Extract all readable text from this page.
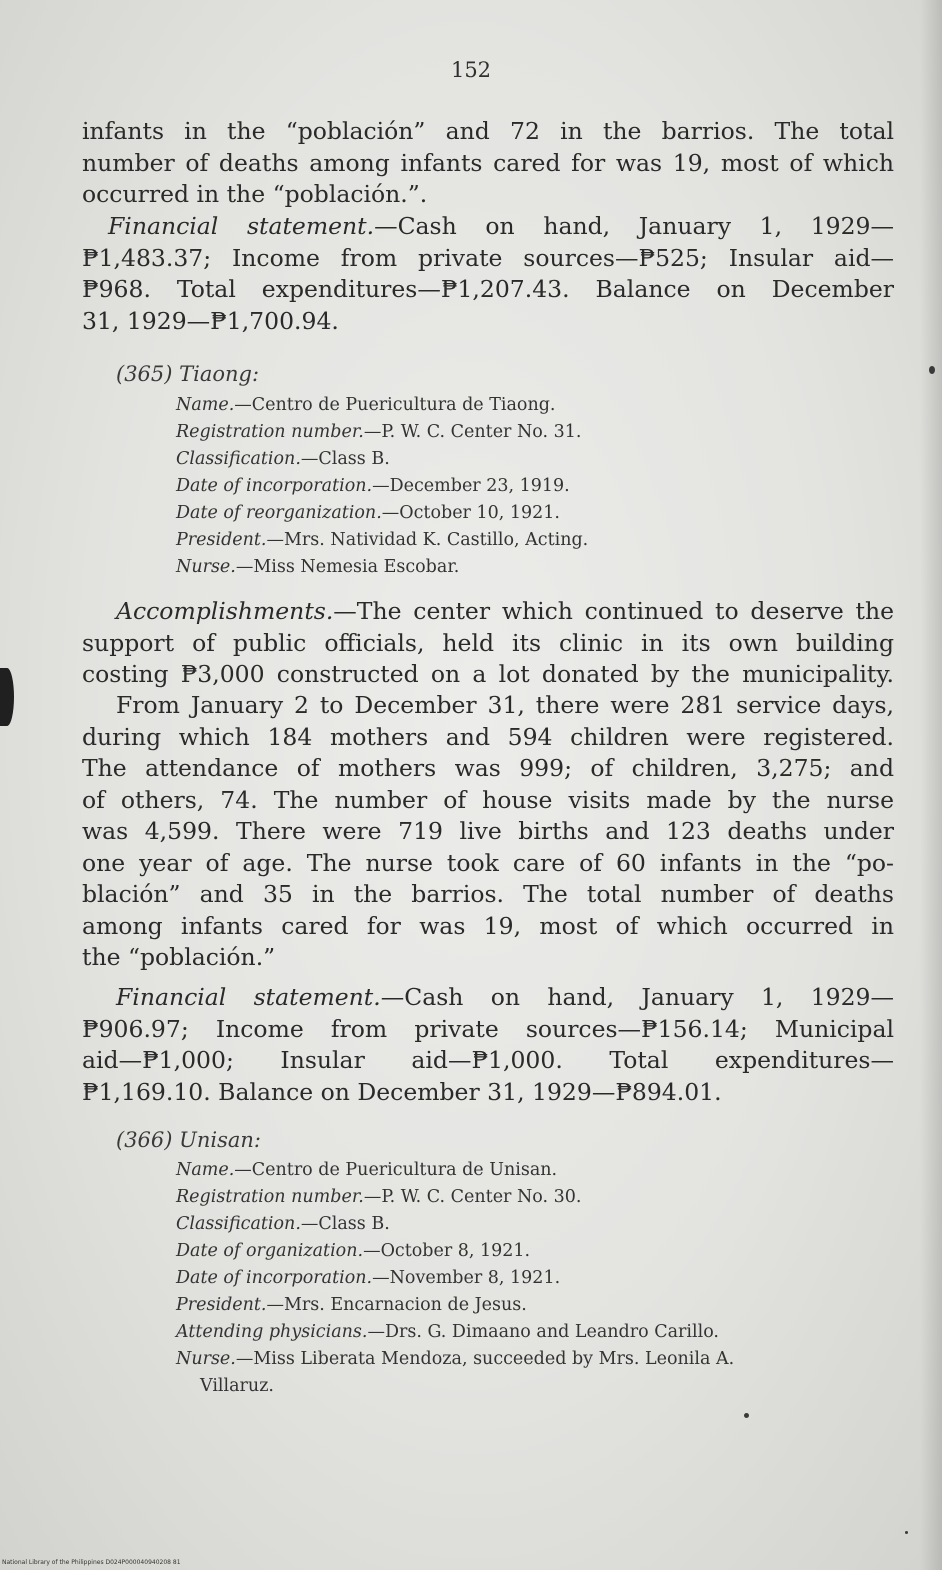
152
infants in the “población” and 72 in the barrios. The total
number of deaths among infants cared for was 19, most of which
occurred in the “población.”.
Financial statement.—Cash on hand, January 1, 1929—
₱1,483.37; Income from private sources—₱525; Insular aid—
₱968. Total expenditures—₱1,207.43. Balance on December
31, 1929—₱1,700.94.
(365) Tiaong:
Name.—Centro de Puericultura de Tiaong.
Registration number.—P. W. C. Center No. 31.
Classification.—Class B.
Date of incorporation.—December 23, 1919.
Date of reorganization.—October 10, 1921.
President.—Mrs. Natividad K. Castillo, Acting.
Nurse.—Miss Nemesia Escobar.
Accomplishments.—The center which continued to deserve the
support of public officials, held its clinic in its own building
costing ₱3,000 constructed on a lot donated by the municipality.
From January 2 to December 31, there were 281 service days,
during which 184 mothers and 594 children were registered.
The attendance of mothers was 999; of children, 3,275; and
of others, 74. The number of house visits made by the nurse
was 4,599. There were 719 live births and 123 deaths under
one year of age. The nurse took care of 60 infants in the “po-
blación” and 35 in the barrios. The total number of deaths
among infants cared for was 19, most of which occurred in
the “población.”
Financial statement.—Cash on hand, January 1, 1929—
₱906.97; Income from private sources—₱156.14; Municipal
aid—₱1,000; Insular aid—₱1,000. Total expenditures—
₱1,169.10. Balance on December 31, 1929—₱894.01.
(366) Unisan:
Name.—Centro de Puericultura de Unisan.
Registration number.—P. W. C. Center No. 30.
Classification.—Class B.
Date of organization.—October 8, 1921.
Date of incorporation.—November 8, 1921.
President.—Mrs. Encarnacion de Jesus.
Attending physicians.—Drs. G. Dimaano and Leandro Carillo.
Nurse.—Miss Liberata Mendoza, succeeded by Mrs. Leonila A.
Villaruz.
National Library of the Philippines D024P000040940208 81
